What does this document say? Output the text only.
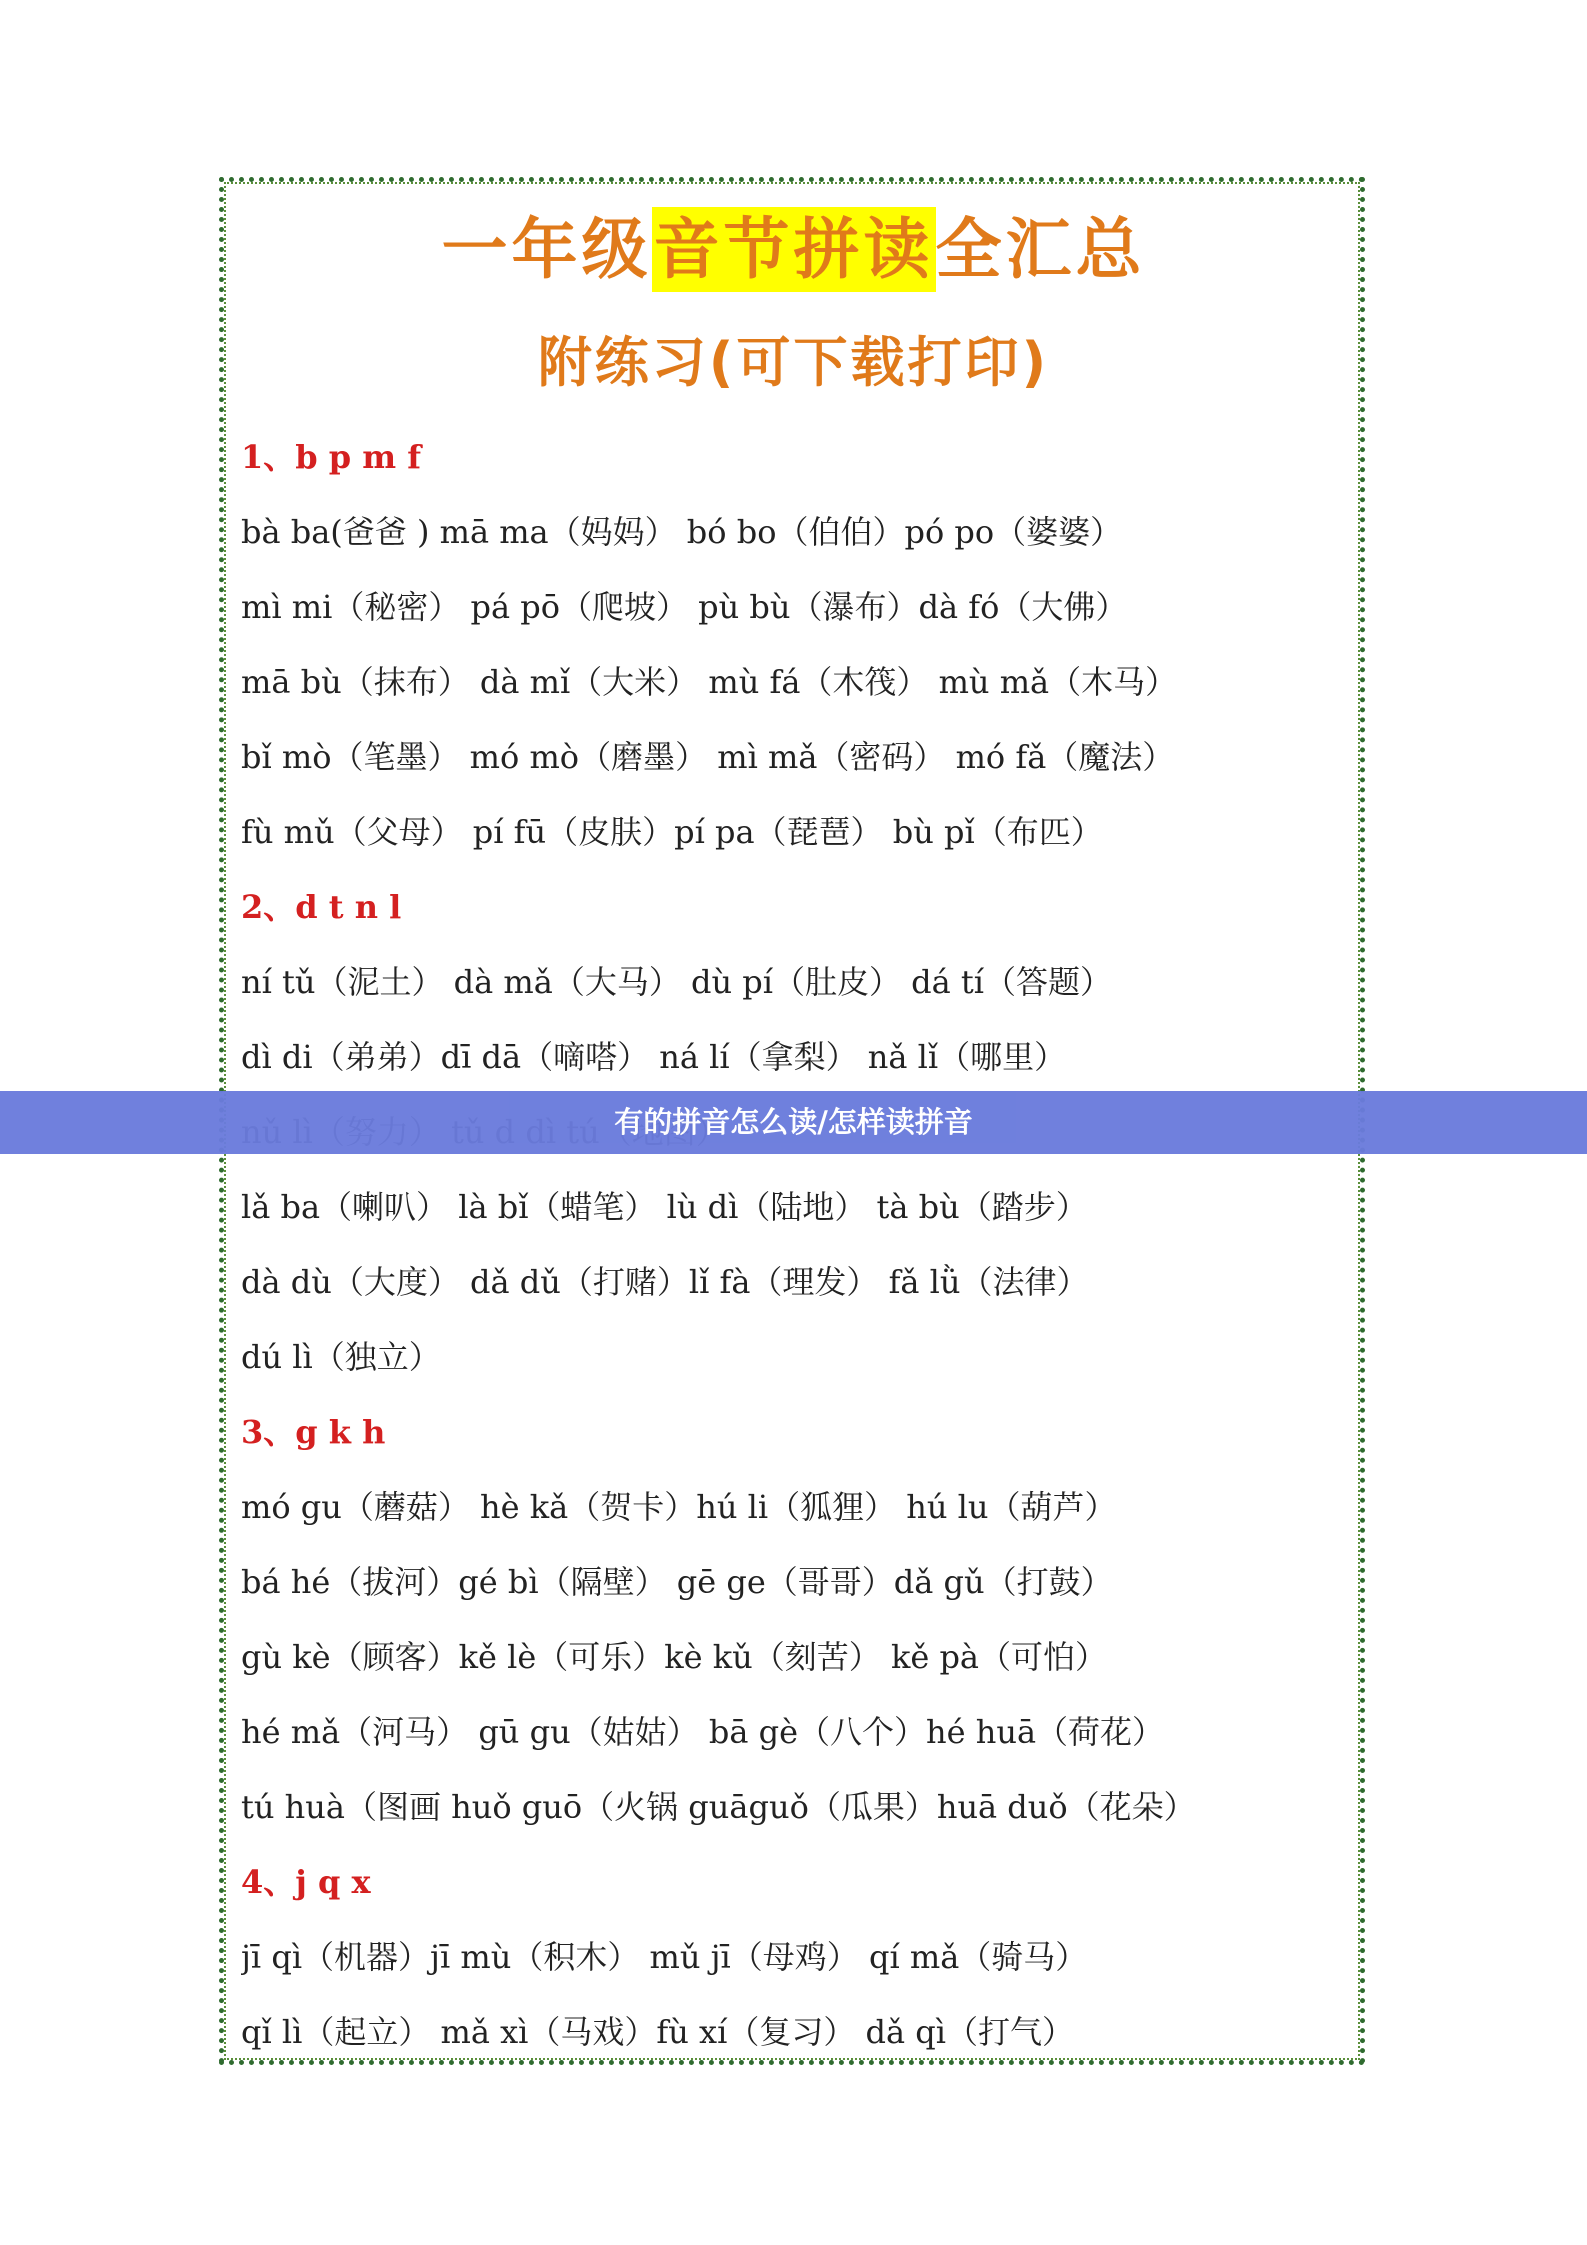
一年级音节拼读全汇总
附练习(可下载打印)
1、b p m f
bà ba(爸爸 ) mā ma（妈妈） bó bo（伯伯）pó po（婆婆）
mì mi（秘密） pá pō（爬坡） pù bù（瀑布）dà fó（大佛）
mā bù（抹布） dà mǐ（大米） mù fá（木筏） mù mǎ（木马）
bǐ mò（笔墨） mó mò（磨墨） mì mǎ（密码） mó fǎ（魔法）
fù mǔ（父母） pí fū（皮肤）pí pa（琵琶） bù pǐ（布匹）
2、d t n l
ní tǔ（泥土） dà mǎ（大马） dù pí（肚皮） dá tí（答题）
dì di（弟弟）dī dā（嘀嗒） ná lí（拿梨） nǎ lǐ（哪里）
lǎ ba（喇叭） là bǐ（蜡笔） lù dì（陆地） tà bù（踏步）
dà dù（大度） dǎ dǔ（打赌）lǐ fà（理发） fǎ lǜ（法律）
dú lì（独立）
3、g k h
mó gu（蘑菇） hè kǎ（贺卡）hú li（狐狸） hú lu（葫芦）
bá hé（拔河）gé bì（隔壁） gē ge（哥哥）dǎ gǔ（打鼓）
gù kè（顾客）kě lè（可乐）kè kǔ（刻苦） kě pà（可怕）
hé mǎ（河马） gū gu（姑姑） bā gè（八个）hé huā（荷花）
tú huà（图画 huǒ guō（火锅 guāguǒ（瓜果）huā duǒ（花朵）
4、j q x
jī qì（机器）jī mù（积木） mǔ jī（母鸡） qí mǎ（骑马）
qǐ lì（起立） mǎ xì（马戏）fù xí（复习） dǎ qì（打气）
有的拼音怎么读/怎样读拼音
